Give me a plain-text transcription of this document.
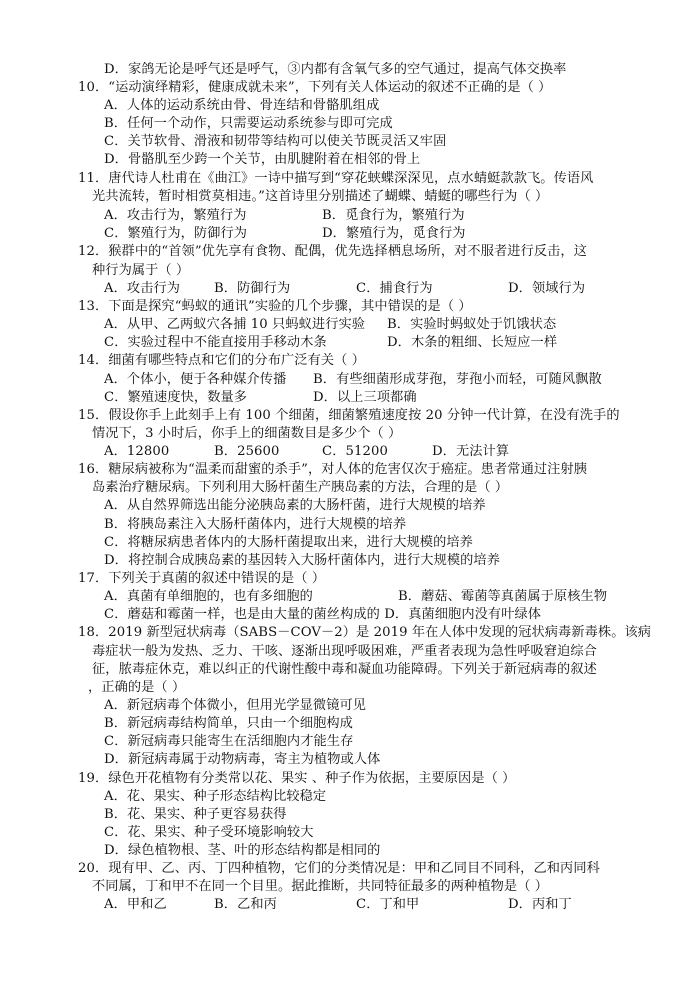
D．家鸽无论是呼气还是呼气，③内都有含氧气多的空气通过，提高气体交换率
10．“运动演绎精彩，健康成就未来”，下列有关人体运动的叙述不正确的是（ ）
A．人体的运动系统由骨、骨连结和骨骼肌组成
B．任何一个动作，只需要运动系统参与即可完成
C．关节软骨、滑液和韧带等结构可以使关节既灵活又牢固
D．骨骼肌至少跨一个关节，由肌腱附着在相邻的骨上
11．唐代诗人杜甫在《曲江》一诗中描写到“穿花蛱蝶深深见，点水蜻蜓款款飞。传语风
光共流转，暂时相赏莫相违。”这首诗里分别描述了蝴蝶、蜻蜓的哪些行为（ ）
A．攻击行为，繁殖行为	B．觅食行为，繁殖行为
C．繁殖行为，防御行为	D．繁殖行为，觅食行为
12．猴群中的“首领”优先享有食物、配偶，优先选择栖息场所，对不服者进行反击，这
种行为属于（ ）
A．攻击行为	B．防御行为	C．捕食行为	D．领域行为
13．下面是探究“蚂蚁的通讯”实验的几个步骤，其中错误的是（ ）
A．从甲、乙两蚁穴各捕 10 只蚂蚁进行实验 B．实验时蚂蚁处于饥饿状态
C．实验过程中不能直接用手移动木条	D．木条的粗细、长短应一样
14．细菌有哪些特点和它们的分布广泛有关（ ）
A．个体小，便于各种媒介传播 B．有些细菌形成芽孢，芽孢小而轻，可随风飘散
C．繁殖速度快，数量多	D．以上三项都确
15．假设你手上此刻手上有 100 个细菌，细菌繁殖速度按 20 分钟一代计算，在没有洗手的
情况下，3 小时后，你手上的细菌数目是多少个（ ）
A．12800	B．25600	C．51200	D．无法计算
16．糖尿病被称为“温柔而甜蜜的杀手”，对人体的危害仅次于癌症。患者常通过注射胰
岛素治疗糖尿病。下列利用大肠杆菌生产胰岛素的方法，合理的是（ ）
A．从自然界筛选出能分泌胰岛素的大肠杆菌，进行大规模的培养
B．将胰岛素注入大肠杆菌体内，进行大规模的培养
C．将糖尿病患者体内的大肠杆菌提取出来，进行大规模的培养
D．将控制合成胰岛素的基因转入大肠杆菌体内，进行大规模的培养
17．下列关于真菌的叙述中错误的是（ ）
A．真菌有单细胞的，也有多细胞的	B．蘑菇、霉菌等真菌属于原核生物
C．蘑菇和霉菌一样，也是由大量的菌丝构成的 D．真菌细胞内没有叶绿体
18．2019 新型冠状病毒（SABS－COV－2）是 2019 年在人体中发现的冠状病毒新毒株。该病
毒症状一般为发热、乏力、干咳、逐渐出现呼吸困难，严重者表现为急性呼吸窘迫综合
征，脓毒症休克，难以纠正的代谢性酸中毒和凝血功能障碍。下列关于新冠病毒的叙述
，正确的是（ ）
A．新冠病毒个体微小，但用光学显微镜可见
B．新冠病毒结构简单，只由一个细胞构成
C．新冠病毒只能寄生在活细胞内才能生存
D．新冠病毒属于动物病毒，寄主为植物或人体
19．绿色开花植物有分类常以花、果实 、种子作为依据，主要原因是（ ）
A．花、果实、种子形态结构比较稳定
B．花、果实、种子更容易获得
C．花、果实、种子受环境影响较大
D．绿色植物根、茎、叶的形态结构都是相同的
20．现有甲、乙、丙、丁四种植物，它们的分类情况是：甲和乙同目不同科，乙和丙同科
不同属，丁和甲不在同一个目里。据此推断，共同特征最多的两种植物是（ ）
A．甲和乙	B．乙和丙	C．丁和甲	D．丙和丁
